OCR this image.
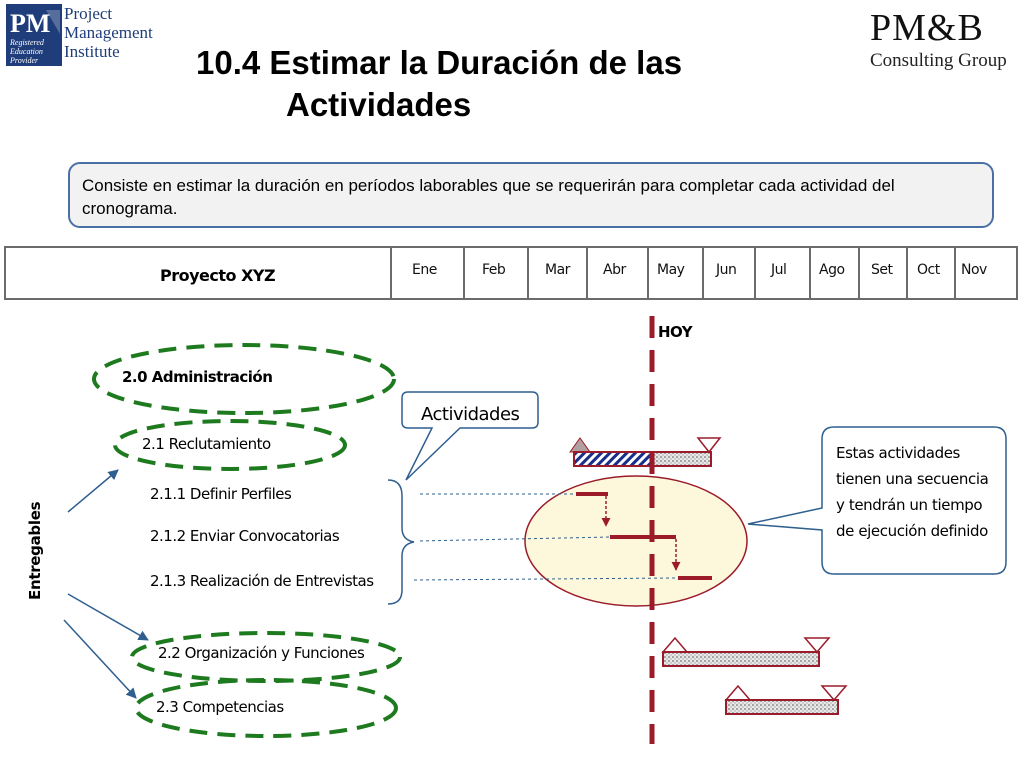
PM
Registered
Education
Provider
Project
Management
Institute
PM&B
Consulting Group
10.4 Estimar la Duración de las
Actividades
Consiste en estimar la duración en períodos laborables que se requerirán para completar cada actividad del cronograma.
Proyecto XYZ	Ene	Feb	Mar Abr May Jun Jul Ago Set Oct Nov
Actividades
HOY
2.0 Administración
2.1 Reclutamiento
2.1.1 Definir Perfiles
2.1.2 Enviar Convocatorias
2.1.3 Realización de Entrevistas
2.2 Organización y Funciones
2.3 Competencias
Entregables
Estas actividades tienen una secuencia y tendrán un tiempo de ejecución definido
